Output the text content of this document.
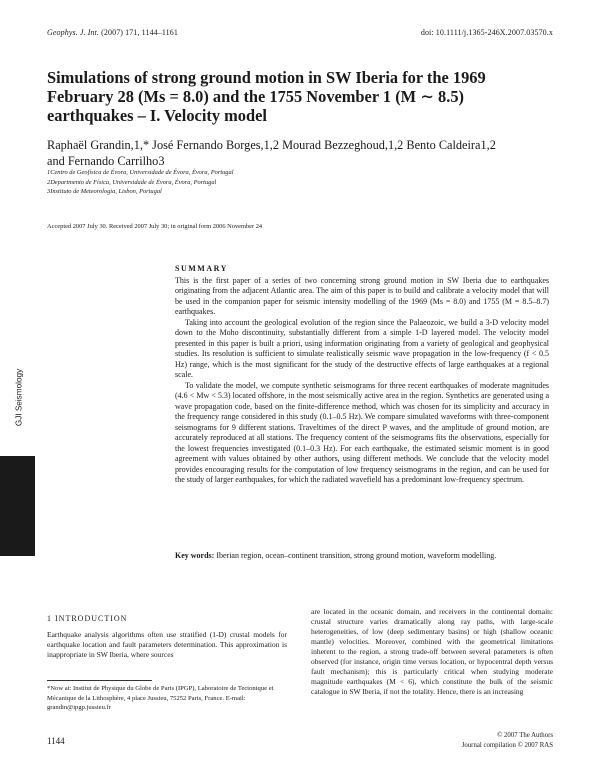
Geophys. J. Int. (2007) 171, 1144–1161	doi: 10.1111/j.1365-246X.2007.03570.x
Simulations of strong ground motion in SW Iberia for the 1969 February 28 (Ms = 8.0) and the 1755 November 1 (M ∼ 8.5) earthquakes – I. Velocity model
Raphaël Grandin,1,* José Fernando Borges,1,2 Mourad Bezzeghoud,1,2 Bento Caldeira1,2
and Fernando Carrilho3
1Centro de Geofísica de Évora, Universidade de Évora, Évora, Portugal
2Departmento de Física, Universidade de Évora, Évora, Portugal
3Instituto de Meteorologia, Lisbon, Portugal
Accepted 2007 July 30. Received 2007 July 30; in original form 2006 November 24
GJI Seismology
SUMMARY

This is the first paper of a series of two concerning strong ground motion in SW Iberia due to earthquakes originating from the adjacent Atlantic area. The aim of this paper is to build and calibrate a velocity model that will be used in the companion paper for seismic intensity modelling of the 1969 (Ms = 8.0) and 1755 (M = 8.5–8.7) earthquakes.

Taking into account the geological evolution of the region since the Palaeozoic, we build a 3-D velocity model down to the Moho discontinuity, substantially different from a simple 1-D layered model. The velocity model presented in this paper is built a priori, using information originating from a variety of geological and geophysical studies. Its resolution is sufficient to simulate realistically seismic wave propagation in the low-frequency (f < 0.5 Hz) range, which is the most significant for the study of the destructive effects of large earthquakes at a regional scale.

To validate the model, we compute synthetic seismograms for three recent earthquakes of moderate magnitudes (4.6 < Mw < 5.3) located offshore, in the most seismically active area in the region. Synthetics are generated using a wave propagation code, based on the finite-difference method, which was chosen for its simplicity and accuracy in the frequency range considered in this study (0.1–0.5 Hz). We compare simulated waveforms with three-component seismograms for 9 different stations. Traveltimes of the direct P waves, and the amplitude of ground motion, are accurately reproduced at all stations. The frequency content of the seismograms fits the observations, especially for the lowest frequencies investigated (0.1–0.3 Hz). For each earthquake, the estimated seismic moment is in good agreement with values obtained by other authors, using different methods. We conclude that the velocity model provides encouraging results for the computation of low frequency seismograms in the region, and can be used for the study of larger earthquakes, for which the radiated wavefield has a predominant low-frequency spectrum.

Key words: Iberian region, ocean–continent transition, strong ground motion, waveform modelling.
1 INTRODUCTION
Earthquake analysis algorithms often use stratified (1-D) crustal models for earthquake location and fault parameters determination. This approximation is inappropriate in SW Iberia, where sources
are located in the oceanic domain, and receivers in the continental domain: crustal structure varies dramatically along ray paths, with large-scale heterogeneities, of low (deep sedimentary basins) or high (shallow oceanic mantle) velocities. Moreover, combined with the geometrical limitations inherent to the region, a strong trade-off between several parameters is often observed (for instance, origin time versus location, or hypocentral depth versus fault mechanism); this is particularly critical when studying moderate magnitude earthquakes (M < 6), which constitute the bulk of the seismic catalogue in SW Iberia, if not the totality. Hence, there is an increasing
*Now at: Institut de Physique du Globe de Paris (IPGP), Laboratoire de Tectonique et Mécanique de la Lithosphère, 4 place Jussieu, 75252 Paris, France. E-mail: grandin@ipgp.jussieu.fr
1144
© 2007 The Authors
Journal compilation © 2007 RAS
